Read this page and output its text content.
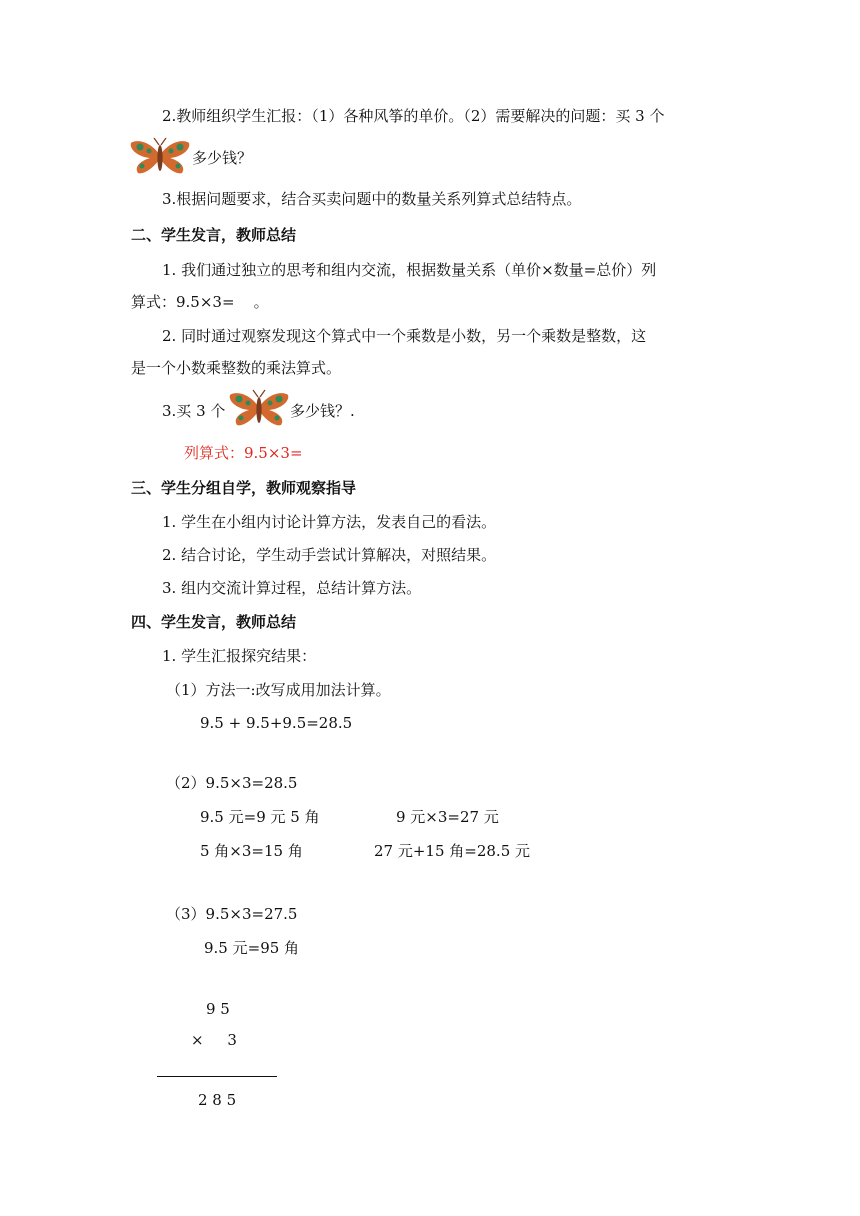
2.教师组织学生汇报：（1）各种风筝的单价。（2）需要解决的问题：买 3 个
多少钱？
3.根据问题要求，结合买卖问题中的数量关系列算式总结特点。
二、学生发言，教师总结
1. 我们通过独立的思考和组内交流，根据数量关系（单价×数量=总价）列
算式：9.5×3=    。
2. 同时通过观察发现这个算式中一个乘数是小数，另一个乘数是整数，这
是一个小数乘整数的乘法算式。
3.买 3 个	多少钱？.
列算式：9.5×3=
三、学生分组自学，教师观察指导
1. 学生在小组内讨论计算方法，发表自己的看法。
2. 结合讨论，学生动手尝试计算解决，对照结果。
3. 组内交流计算过程，总结计算方法。
四、学生发言，教师总结
1. 学生汇报探究结果：
（1）方法一:改写成用加法计算。
9.5 + 9.5+9.5=28.5
（2）9.5×3=28.5
9.5 元=9 元 5 角	9 元×3=27 元
5 角×3=15 角	27 元+15 角=28.5 元
（3）9.5×3=27.5
9.5 元=95 角
9 5
×     3
2 8 5
